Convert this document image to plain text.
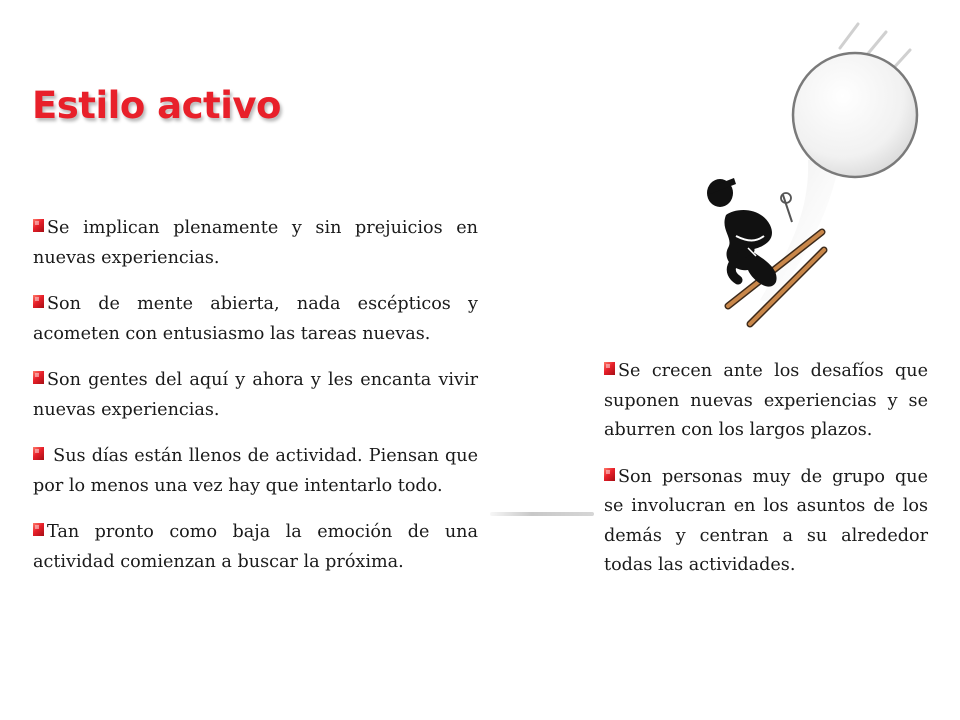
Estilo activo

Se implican plenamente y sin prejuicios en nuevas experiencias.

Son de mente abierta, nada escépticos y acometen con entusiasmo las tareas nuevas.

Son gentes del aquí y ahora y les encanta vivir nuevas experiencias.

Sus días están llenos de actividad. Piensan que por lo menos una vez hay que intentarlo todo.

Tan pronto como baja la emoción de una actividad comienzan a buscar la próxima.

Se crecen ante los desafíos que suponen nuevas experiencias y se aburren con los largos plazos.

Son personas muy de grupo que se involucran en los asuntos de los demás y centran a su alrededor todas las actividades.
